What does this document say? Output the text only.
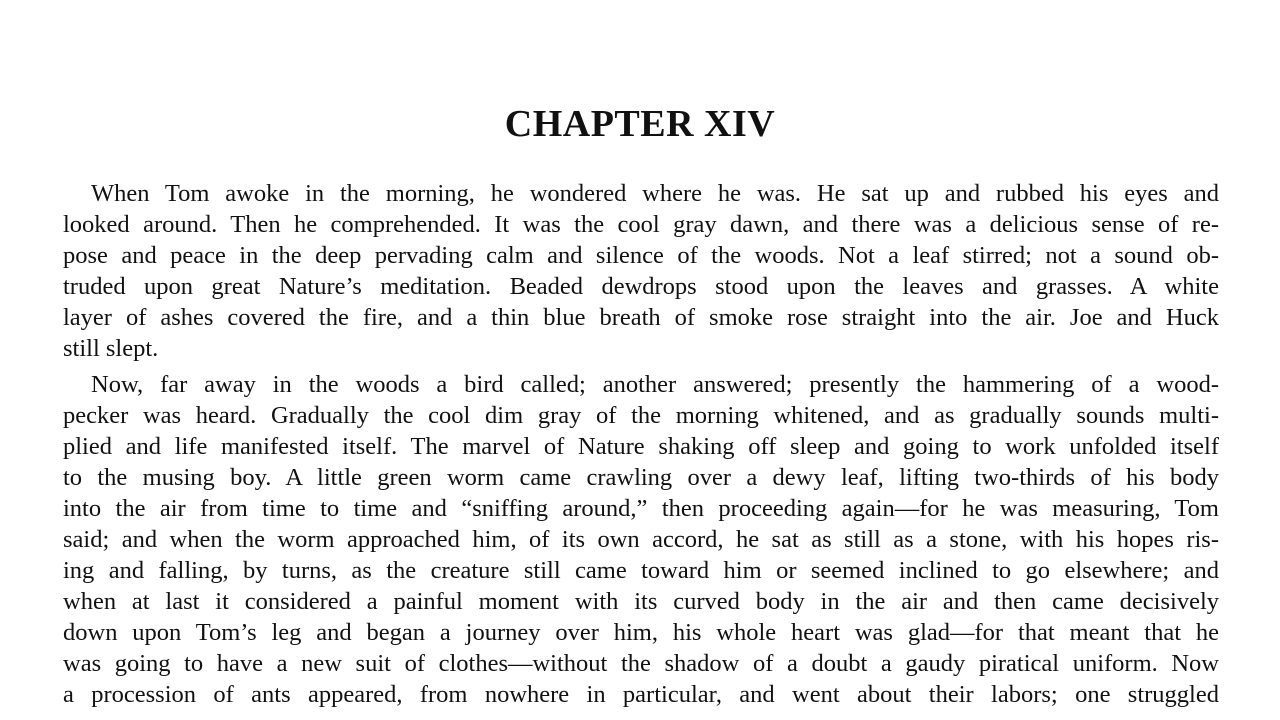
CHAPTER XIV

When Tom awoke in the morning, he wondered where he was. He sat up and rubbed his eyes and
looked around. Then he comprehended. It was the cool gray dawn, and there was a delicious sense of re-
pose and peace in the deep pervading calm and silence of the woods. Not a leaf stirred; not a sound ob-
truded upon great Nature’s meditation. Beaded dewdrops stood upon the leaves and grasses. A white
layer of ashes covered the fire, and a thin blue breath of smoke rose straight into the air. Joe and Huck
still slept.

Now, far away in the woods a bird called; another answered; presently the hammering of a wood-
pecker was heard. Gradually the cool dim gray of the morning whitened, and as gradually sounds multi-
plied and life manifested itself. The marvel of Nature shaking off sleep and going to work unfolded itself
to the musing boy. A little green worm came crawling over a dewy leaf, lifting two-thirds of his body
into the air from time to time and “sniffing around,” then proceeding again—for he was measuring, Tom
said; and when the worm approached him, of its own accord, he sat as still as a stone, with his hopes ris-
ing and falling, by turns, as the creature still came toward him or seemed inclined to go elsewhere; and
when at last it considered a painful moment with its curved body in the air and then came decisively
down upon Tom’s leg and began a journey over him, his whole heart was glad—for that meant that he
was going to have a new suit of clothes—without the shadow of a doubt a gaudy piratical uniform. Now
a procession of ants appeared, from nowhere in particular, and went about their labors; one struggled
